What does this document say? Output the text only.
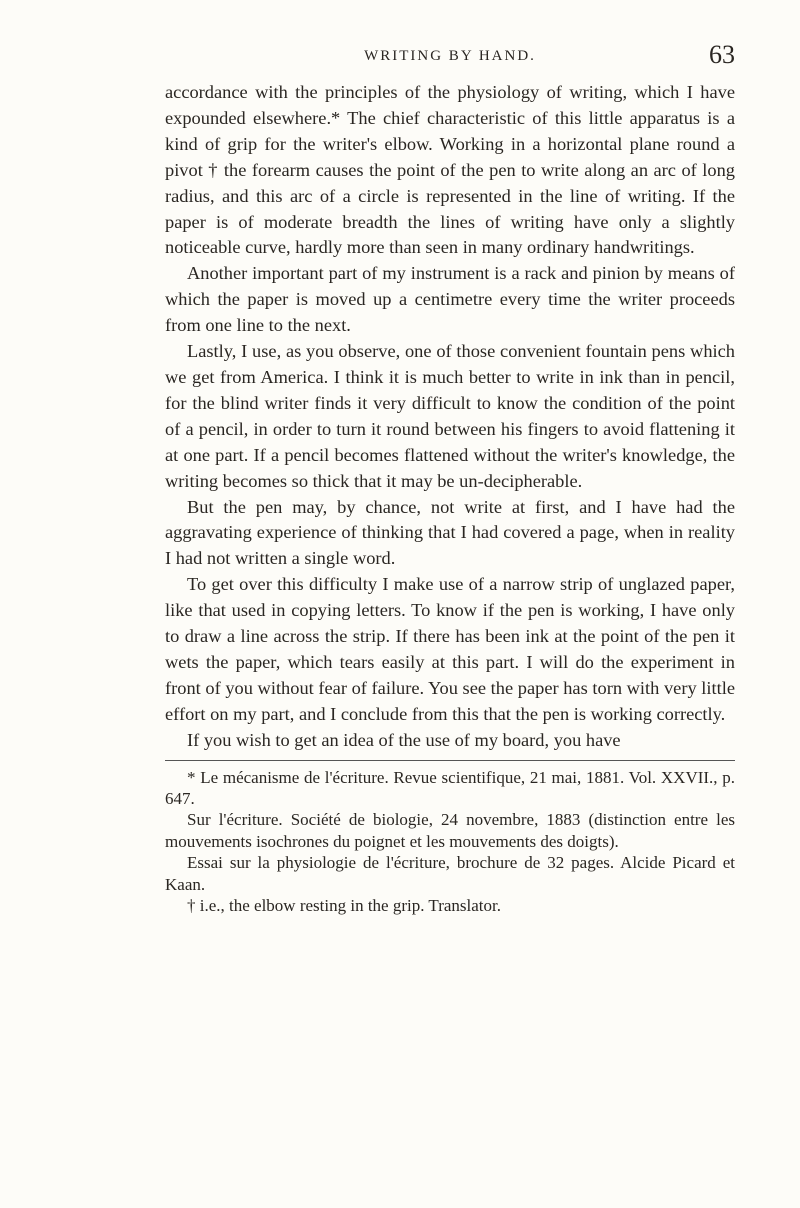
WRITING BY HAND.	63

accordance with the principles of the physiology of writing, which I have expounded elsewhere.* The chief characteristic of this little apparatus is a kind of grip for the writer's elbow. Working in a horizontal plane round a pivot † the forearm causes the point of the pen to write along an arc of long radius, and this arc of a circle is represented in the line of writing. If the paper is of moderate breadth the lines of writing have only a slightly noticeable curve, hardly more than seen in many ordinary handwritings.

Another important part of my instrument is a rack and pinion by means of which the paper is moved up a centimetre every time the writer proceeds from one line to the next.

Lastly, I use, as you observe, one of those convenient fountain pens which we get from America. I think it is much better to write in ink than in pencil, for the blind writer finds it very difficult to know the condition of the point of a pencil, in order to turn it round between his fingers to avoid flattening it at one part. If a pencil becomes flattened without the writer's knowledge, the writing becomes so thick that it may be un-decipherable.

But the pen may, by chance, not write at first, and I have had the aggravating experience of thinking that I had covered a page, when in reality I had not written a single word.

To get over this difficulty I make use of a narrow strip of unglazed paper, like that used in copying letters. To know if the pen is working, I have only to draw a line across the strip. If there has been ink at the point of the pen it wets the paper, which tears easily at this part. I will do the experiment in front of you without fear of failure. You see the paper has torn with very little effort on my part, and I conclude from this that the pen is working correctly.

If you wish to get an idea of the use of my board, you have

* Le mécanisme de l'écriture. Revue scientifique, 21 mai, 1881. Vol. XXVII., p. 647.

Sur l'écriture. Société de biologie, 24 novembre, 1883 (distinction entre les mouvements isochrones du poignet et les mouvements des doigts).

Essai sur la physiologie de l'écriture, brochure de 32 pages. Alcide Picard et Kaan.

† i.e., the elbow resting in the grip. Translator.
